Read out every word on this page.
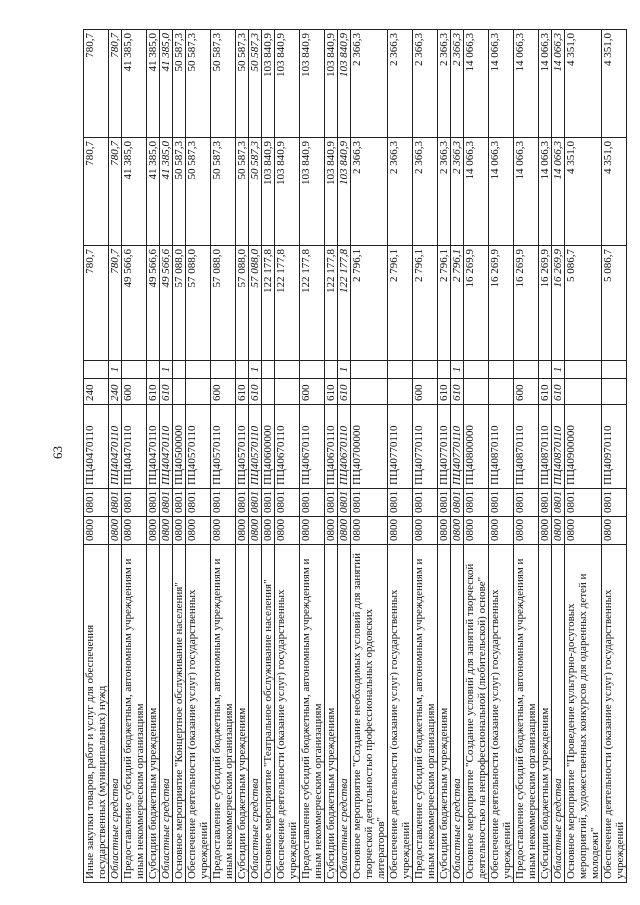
63
Иные закупки товаров, работ и услуг для обеспечения государственных (муниципальных) нужд	0800	0801	ПЦ40470110	240		780,7	780,7	780,7
Областные средства	0800	0801	ПЦ40470110	240	1	780,7	780,7	780,7
Предоставление субсидий бюджетным, автономным учреждениям и иным некоммерческим организациям	0800	0801	ПЦ40470110	600		49 566,6	41 385,0	41 385,0
Субсидии бюджетным учреждениям	0800	0801	ПЦ40470110	610		49 566,6	41 385,0	41 385,0
Областные средства	0800	0801	ПЦ40470110	610	1	49 566,6	41 385,0	41 385,0
Основное мероприятие "Концертное обслуживание населения"	0800	0801	ПЦ40500000			57 088,0	50 587,3	50 587,3
Обеспечение деятельности (оказание услуг) государственных учреждений	0800	0801	ПЦ40570110			57 088,0	50 587,3	50 587,3
Предоставление субсидий бюджетным, автономным учреждениям и иным некоммерческим организациям	0800	0801	ПЦ40570110	600		57 088,0	50 587,3	50 587,3
Субсидии бюджетным учреждениям	0800	0801	ПЦ40570110	610		57 088,0	50 587,3	50 587,3
Областные средства	0800	0801	ПЦ40570110	610	1	57 088,0	50 587,3	50 587,3
Основное мероприятие "Театральное обслуживание населения"	0800	0801	ПЦ40600000			122 177,8	103 840,9	103 840,9
Обеспечение деятельности (оказание услуг) государственных учреждений	0800	0801	ПЦ40670110			122 177,8	103 840,9	103 840,9
Предоставление субсидий бюджетным, автономным учреждениям и иным некоммерческим организациям	0800	0801	ПЦ40670110	600		122 177,8	103 840,9	103 840,9
Субсидии бюджетным учреждениям	0800	0801	ПЦ40670110	610		122 177,8	103 840,9	103 840,9
Областные средства	0800	0801	ПЦ40670110	610	1	122 177,8	103 840,9	103 840,9
Основное мероприятие "Создание необходимых условий для занятий творческой деятельностью профессиональных ордовских литераторов"	0800	0801	ПЦ40700000			2 796,1	2 366,3	2 366,3
Обеспечение деятельности (оказание услуг) государственных учреждений	0800	0801	ПЦ40770110			2 796,1	2 366,3	2 366,3
Предоставление субсидий бюджетным, автономным учреждениям и иным некоммерческим организациям	0800	0801	ПЦ40770110	600		2 796,1	2 366,3	2 366,3
Субсидии бюджетным учреждениям	0800	0801	ПЦ40770110	610		2 796,1	2 366,3	2 366,3
Областные средства	0800	0801	ПЦ40770110	610	1	2 796,1	2 366,3	2 366,3
Основное мероприятие "Создание условий для занятий творческой деятельностью на непрофессиональной (любительской) основе"	0800	0801	ПЦ40800000			16 269,9	14 066,3	14 066,3
Обеспечение деятельности (оказание услуг) государственных учреждений	0800	0801	ПЦ40870110			16 269,9	14 066,3	14 066,3
Предоставление субсидий бюджетным, автономным учреждениям и иным некоммерческим организациям	0800	0801	ПЦ40870110	600		16 269,9	14 066,3	14 066,3
Субсидии бюджетным учреждениям	0800	0801	ПЦ40870110	610		16 269,9	14 066,3	14 066,3
Областные средства	0800	0801	ПЦ40870110	610	1	16 269,9	14 066,3	14 066,3
Основное мероприятие "Проведение культурно-досуговых мероприятий, художественных конкурсов для одаренных детей и молодежи"	0800	0801	ПЦ40900000			5 086,7	4 351,0	4 351,0
Обеспечение деятельности (оказание услуг) государственных учреждений	0800	0801	ПЦ40970110			5 086,7	4 351,0	4 351,0
